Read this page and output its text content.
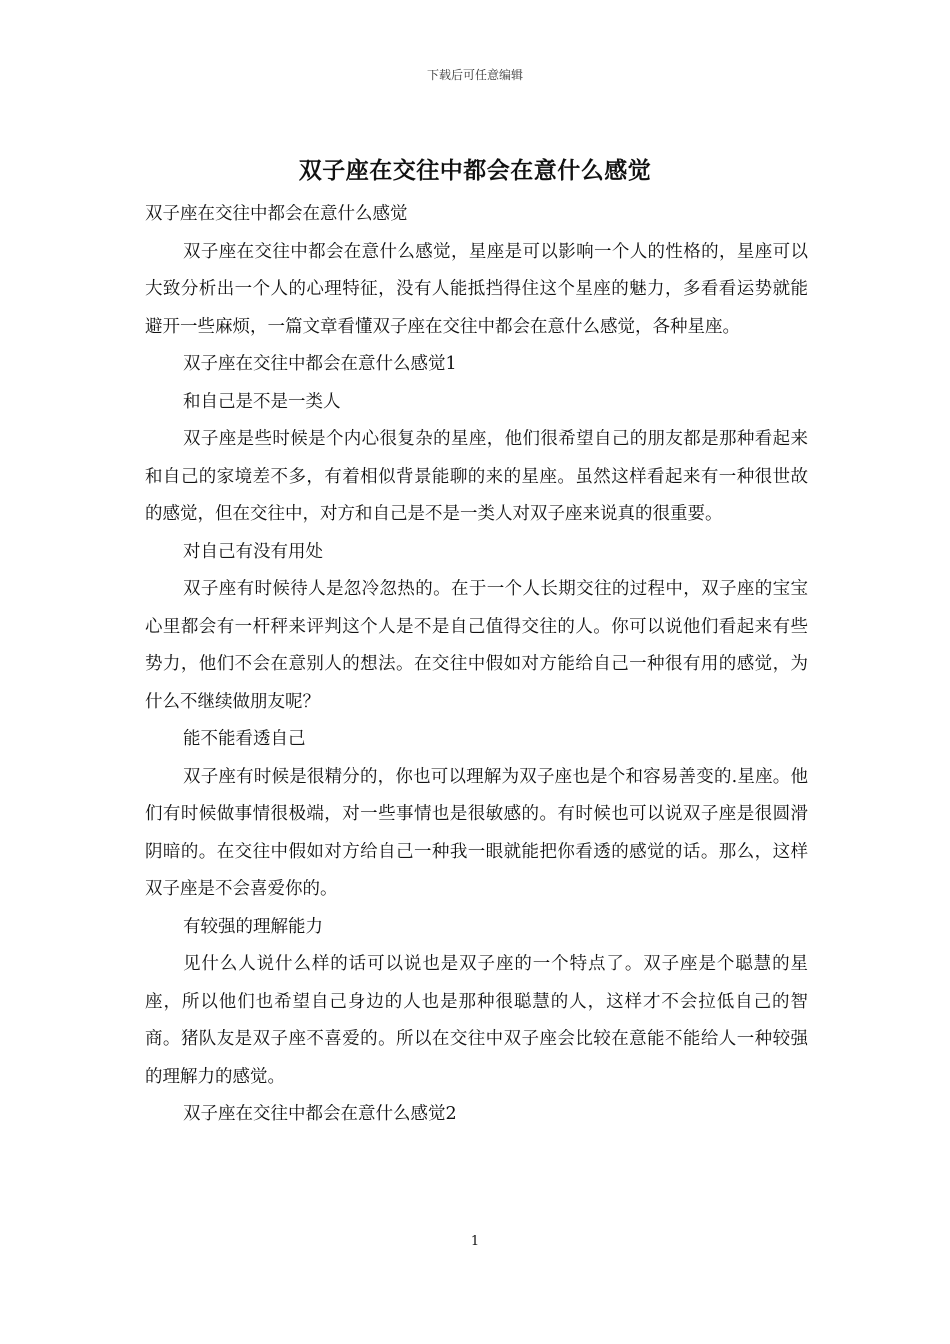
下载后可任意编辑
双子座在交往中都会在意什么感觉

双子座在交往中都会在意什么感觉

双子座在交往中都会在意什么感觉，星座是可以影响一个人的性格的，星座可以大致分析出一个人的心理特征，没有人能抵挡得住这个星座的魅力，多看看运势就能避开一些麻烦，一篇文章看懂双子座在交往中都会在意什么感觉，各种星座。

双子座在交往中都会在意什么感觉1

和自己是不是一类人

双子座是些时候是个内心很复杂的星座，他们很希望自己的朋友都是那种看起来和自己的家境差不多，有着相似背景能聊的来的星座。虽然这样看起来有一种很世故的感觉，但在交往中，对方和自己是不是一类人对双子座来说真的很重要。

对自己有没有用处

双子座有时候待人是忽冷忽热的。在于一个人长期交往的过程中，双子座的宝宝心里都会有一杆秤来评判这个人是不是自己值得交往的人。你可以说他们看起来有些势力，他们不会在意别人的想法。在交往中假如对方能给自己一种很有用的感觉，为什么不继续做朋友呢？

能不能看透自己

双子座有时候是很精分的，你也可以理解为双子座也是个和容易善变的.星座。他们有时候做事情很极端，对一些事情也是很敏感的。有时候也可以说双子座是很圆滑阴暗的。在交往中假如对方给自己一种我一眼就能把你看透的感觉的话。那么，这样双子座是不会喜爱你的。

有较强的理解能力

见什么人说什么样的话可以说也是双子座的一个特点了。双子座是个聪慧的星座，所以他们也希望自己身边的人也是那种很聪慧的人，这样才不会拉低自己的智商。猪队友是双子座不喜爱的。所以在交往中双子座会比较在意能不能给人一种较强的理解力的感觉。

双子座在交往中都会在意什么感觉2

1
